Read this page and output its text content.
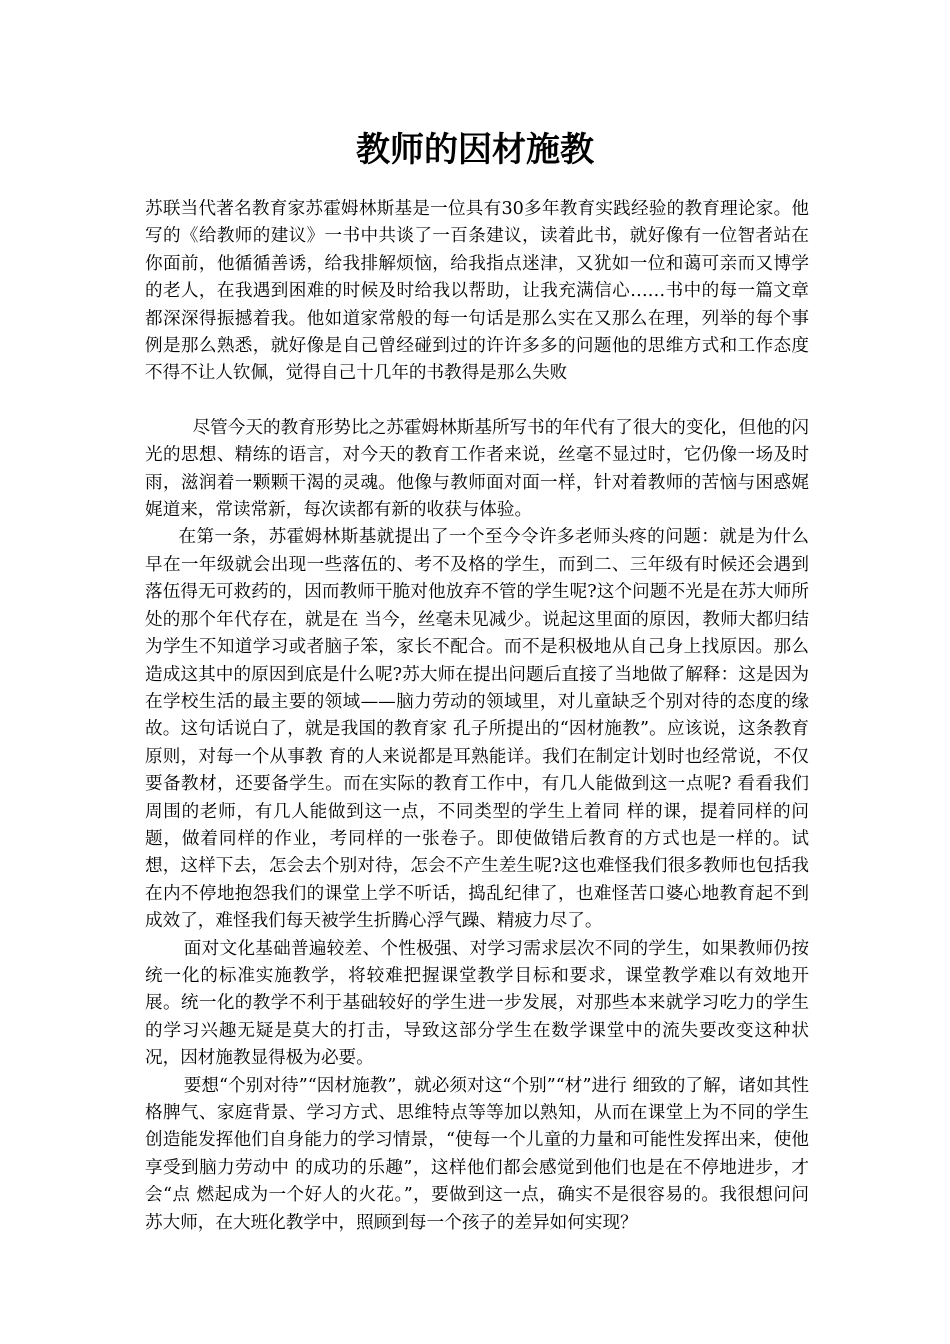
教师的因材施教

苏联当代著名教育家苏霍姆林斯基是一位具有30多年教育实践经验的教育理论家。他写的《给教师的建议》一书中共谈了一百条建议，读着此书，就好像有一位智者站在你面前，他循循善诱，给我排解烦恼，给我指点迷津，又犹如一位和蔼可亲而又博学的老人，在我遇到困难的时候及时给我以帮助，让我充满信心……书中的每一篇文章都深深得振撼着我。他如道家常般的每一句话是那么实在又那么在理，列举的每个事例是那么熟悉，就好像是自己曾经碰到过的许许多多的问题他的思维方式和工作态度不得不让人钦佩，觉得自己十几年的书教得是那么失败

尽管今天的教育形势比之苏霍姆林斯基所写书的年代有了很大的变化，但他的闪光的思想、精练的语言，对今天的教育工作者来说，丝毫不显过时，它仍像一场及时雨，滋润着一颗颗干渴的灵魂。他像与教师面对面一样，针对着教师的苦恼与困惑娓娓道来，常读常新，每次读都有新的收获与体验。

在第一条，苏霍姆林斯基就提出了一个至今令许多老师头疼的问题：就是为什么早在一年级就会出现一些落伍的、考不及格的学生，而到二、三年级有时候还会遇到落伍得无可救药的，因而教师干脆对他放弃不管的学生呢?这个问题不光是在苏大师所处的那个年代存在，就是在 当今，丝毫未见减少。说起这里面的原因，教师大都归结为学生不知道学习或者脑子笨，家长不配合。而不是积极地从自己身上找原因。那么 造成这其中的原因到底是什么呢?苏大师在提出问题后直接了当地做了解释：这是因为在学校生活的最主要的领域——脑力劳动的领域里，对儿童缺乏个别对待的态度的缘故。这句话说白了，就是我国的教育家 孔子所提出的“因材施教”。应该说，这条教育原则，对每一个从事教 育的人来说都是耳熟能详。我们在制定计划时也经常说，不仅要备教材，还要备学生。而在实际的教育工作中，有几人能做到这一点呢? 看看我们周围的老师，有几人能做到这一点，不同类型的学生上着同 样的课，提着同样的问题，做着同样的作业，考同样的一张卷子。即使做错后教育的方式也是一样的。试想，这样下去，怎会去个别对待，怎会不产生差生呢?这也难怪我们很多教师也包括我在内不停地抱怨我们的课堂上学不听话，捣乱纪律了，也难怪苦口婆心地教育起不到成效了，难怪我们每天被学生折腾心浮气躁、精疲力尽了。

面对文化基础普遍较差、个性极强、对学习需求层次不同的学生，如果教师仍按统一化的标准实施教学，将较难把握课堂教学目标和要求，课堂教学难以有效地开展。统一化的教学不利于基础较好的学生进一步发展，对那些本来就学习吃力的学生的学习兴趣无疑是莫大的打击，导致这部分学生在数学课堂中的流失要改变这种状况，因材施教显得极为必要。

要想“个别对待”“因材施教”，就必须对这“个别”“材”进行 细致的了解，诸如其性格脾气、家庭背景、学习方式、思维特点等等加以熟知，从而在课堂上为不同的学生创造能发挥他们自身能力的学习情景，“使每一个儿童的力量和可能性发挥出来，使他享受到脑力劳动中 的成功的乐趣”，这样他们都会感觉到他们也是在不停地进步，才会“点 燃起成为一个好人的火花。”，要做到这一点，确实不是很容易的。我很想问问苏大师，在大班化教学中，照顾到每一个孩子的差异如何实现？
